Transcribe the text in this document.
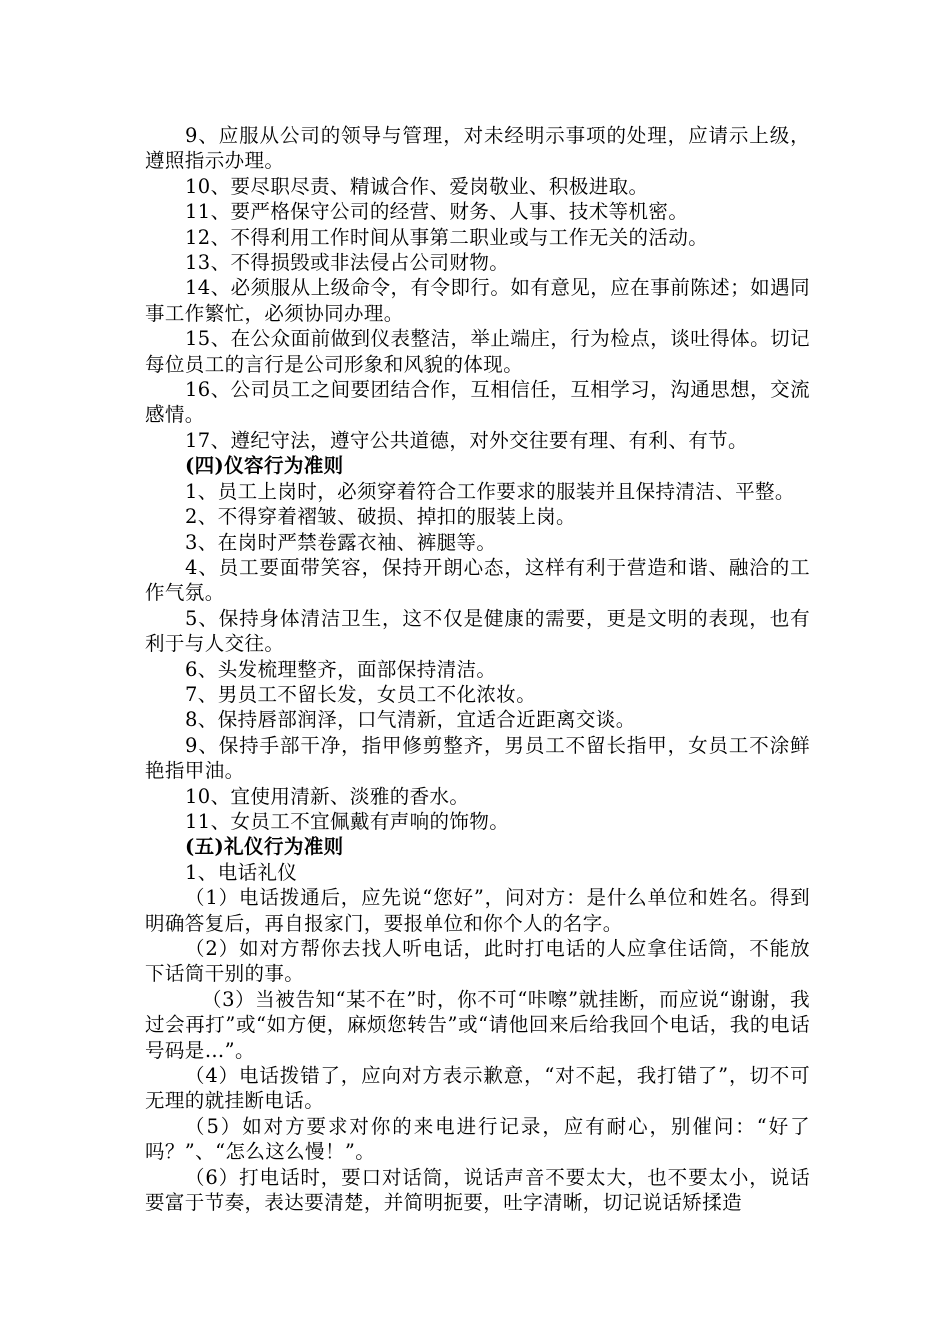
9、应服从公司的领导与管理，对未经明示事项的处理，应请示上级，遵照指示办理。

10、要尽职尽责、精诚合作、爱岗敬业、积极进取。

11、要严格保守公司的经营、财务、人事、技术等机密。

12、不得利用工作时间从事第二职业或与工作无关的活动。

13、不得损毁或非法侵占公司财物。

14、必须服从上级命令，有令即行。如有意见，应在事前陈述；如遇同事工作繁忙，必须协同办理。

15、在公众面前做到仪表整洁，举止端庄，行为检点，谈吐得体。切记每位员工的言行是公司形象和风貌的体现。

16、公司员工之间要团结合作，互相信任，互相学习，沟通思想，交流感情。

17、遵纪守法，遵守公共道德，对外交往要有理、有利、有节。

(四)仪容行为准则

1、员工上岗时，必须穿着符合工作要求的服装并且保持清洁、平整。

2、不得穿着褶皱、破损、掉扣的服装上岗。

3、在岗时严禁卷露衣袖、裤腿等。

4、员工要面带笑容，保持开朗心态，这样有利于营造和谐、融洽的工作气氛。

5、保持身体清洁卫生，这不仅是健康的需要，更是文明的表现，也有利于与人交往。

6、头发梳理整齐，面部保持清洁。

7、男员工不留长发，女员工不化浓妆。

8、保持唇部润泽，口气清新，宜适合近距离交谈。

9、保持手部干净，指甲修剪整齐，男员工不留长指甲，女员工不涂鲜艳指甲油。

10、宜使用清新、淡雅的香水。

11、女员工不宜佩戴有声响的饰物。

(五)礼仪行为准则

1、电话礼仪

（1）电话拨通后，应先说“您好”，问对方：是什么单位和姓名。得到明确答复后，再自报家门，要报单位和你个人的名字。

（2）如对方帮你去找人听电话，此时打电话的人应拿住话筒，不能放下话筒干别的事。

（3）当被告知“某不在”时，你不可“咔嚓”就挂断，而应说“谢谢，我过会再打”或“如方便，麻烦您转告”或“请他回来后给我回个电话，我的电话号码是…”。

（4）电话拨错了，应向对方表示歉意，“对不起，我打错了”，切不可无理的就挂断电话。

（5）如对方要求对你的来电进行记录，应有耐心，别催问：“好了吗？”、“怎么这么慢！”。

（6）打电话时，要口对话筒，说话声音不要太大，也不要太小，说话要富于节奏，表达要清楚，并简明扼要，吐字清晰，切记说话矫揉造
